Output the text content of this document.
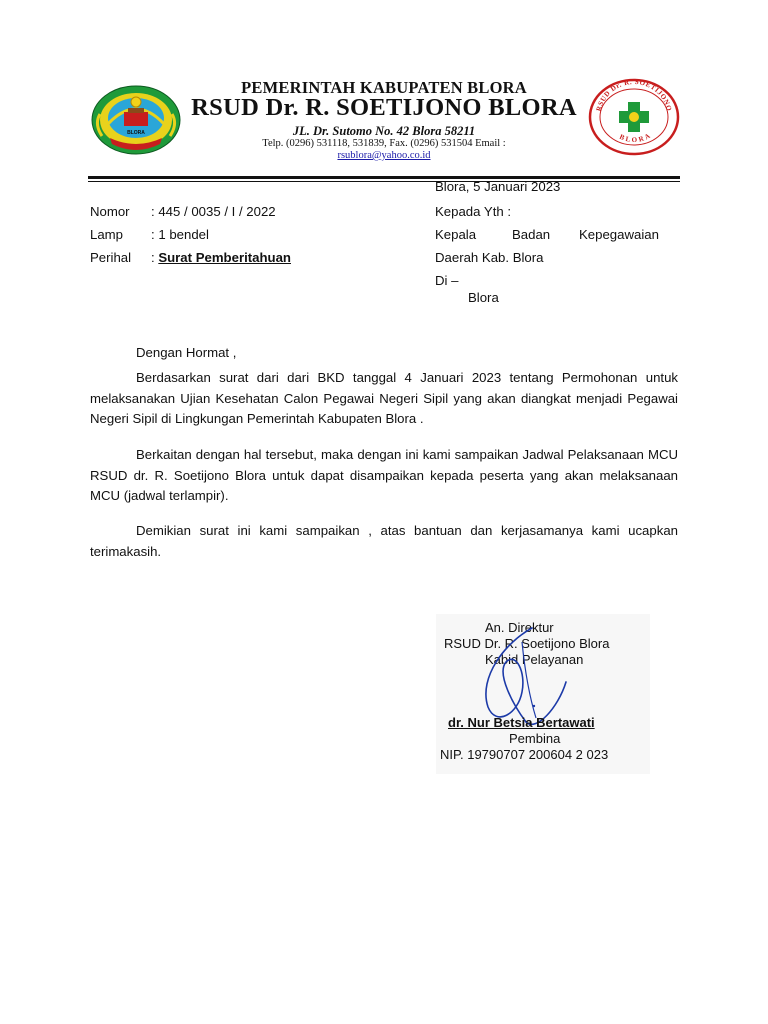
BLORA
RSUD Dr. R. SOETIJONO
BLORA
PEMERINTAH KABUPATEN BLORA
RSUD Dr. R. SOETIJONO BLORA
JL. Dr. Sutomo No. 42 Blora 58211
Telp. (0296) 531118, 531839, Fax. (0296) 531504 Email :
rsublora@yahoo.co.id
Blora, 5 Januari 2023
Nomor : 445 / 0035 / I / 2022
Lamp : 1 bendel
Perihal : Surat Pemberitahuan
Kepada Yth :
Kepala	Badan Kepegawaian
Daerah Kab. Blora
Di –
Blora
Dengan Hormat ,
Berdasarkan surat dari dari BKD tanggal 4 Januari 2023 tentang Permohonan untuk melaksanakan Ujian Kesehatan Calon Pegawai Negeri Sipil yang akan diangkat menjadi Pegawai Negeri Sipil di Lingkungan Pemerintah Kabupaten Blora .
Berkaitan dengan hal tersebut, maka dengan ini kami sampaikan Jadwal Pelaksanaan MCU RSUD dr. R. Soetijono Blora untuk dapat disampaikan kepada peserta yang akan melaksanaan MCU (jadwal terlampir).
Demikian surat ini kami sampaikan , atas bantuan dan kerjasamanya kami ucapkan terimakasih.
An. Direktur
RSUD Dr. R. Soetijono Blora
Kabid Pelayanan
dr. Nur Betsia Bertawati
Pembina
NIP. 19790707 200604 2 023
